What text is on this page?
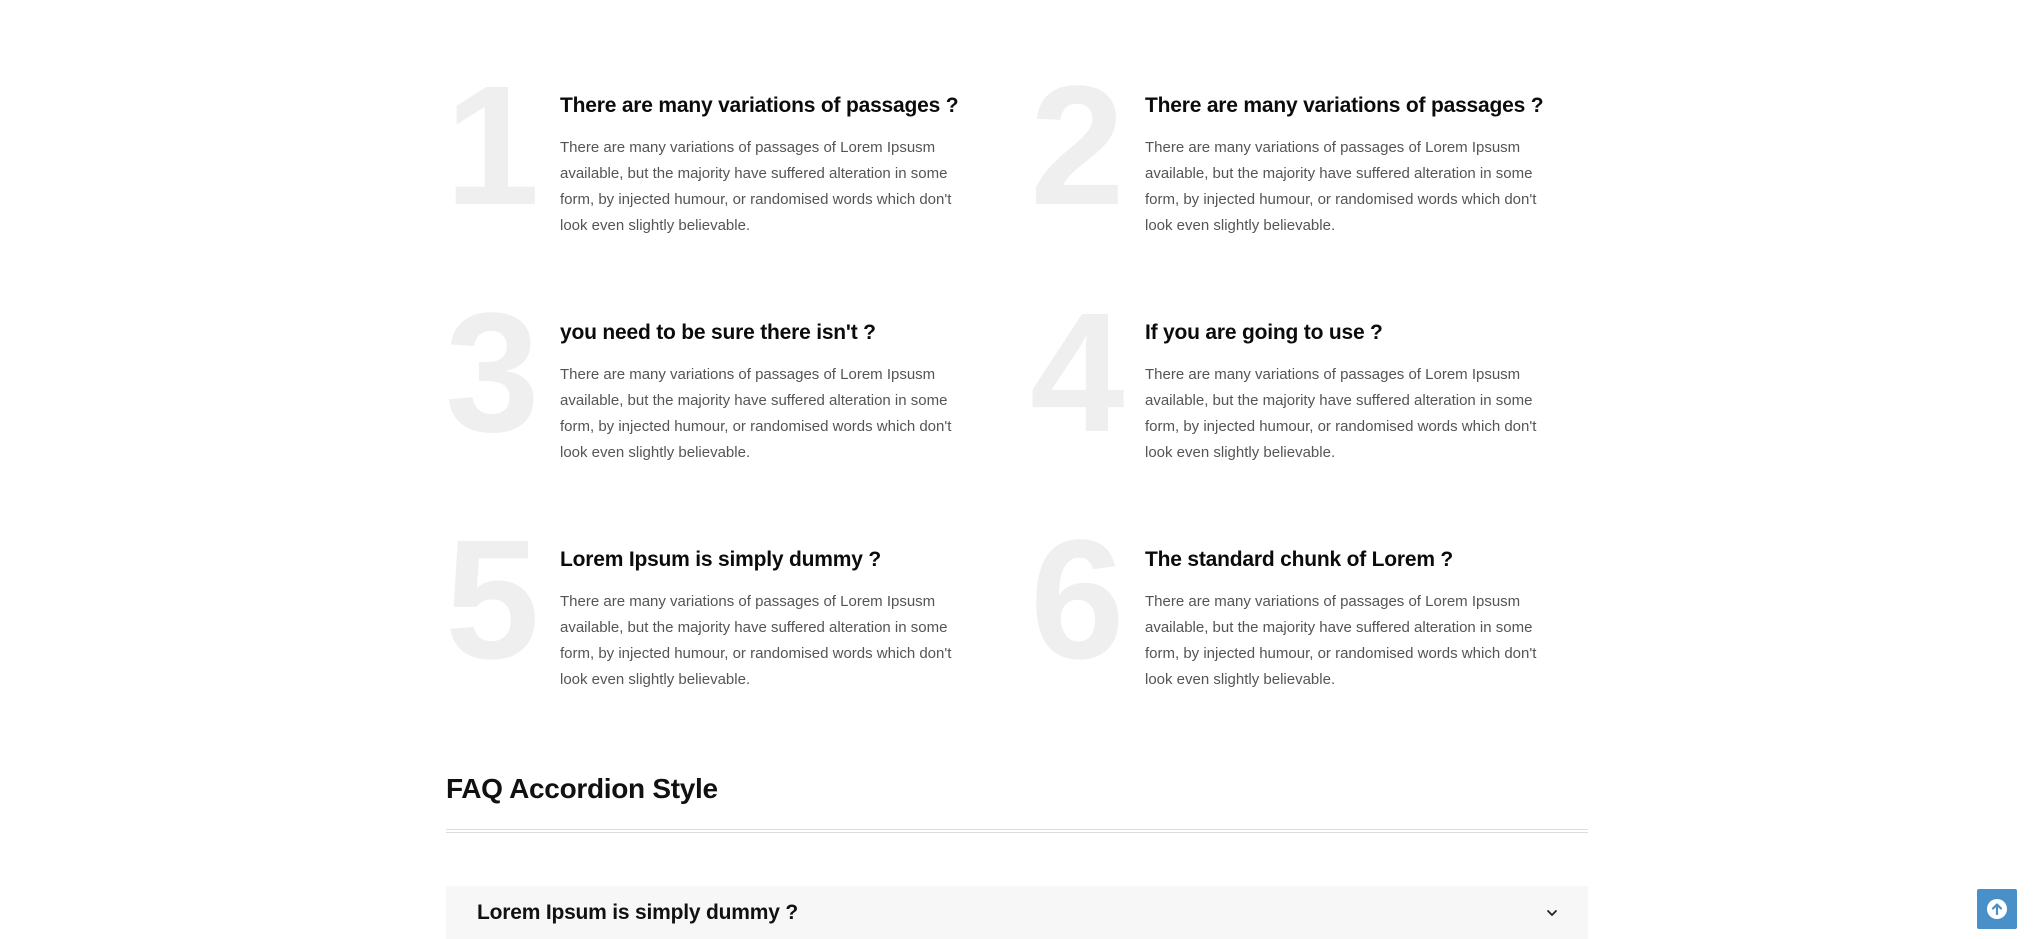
1 There are many variations of passages ?

There are many variations of passages of Lorem Ipsusm available, but the majority have suffered alteration in some form, by injected humour, or randomised words which don't look even slightly believable.	2 There are many variations of passages ?

There are many variations of passages of Lorem Ipsusm available, but the majority have suffered alteration in some form, by injected humour, or randomised words which don't look even slightly believable.

3 you need to be sure there isn't ?

There are many variations of passages of Lorem Ipsusm available, but the majority have suffered alteration in some form, by injected humour, or randomised words which don't look even slightly believable.	4 If you are going to use ?

There are many variations of passages of Lorem Ipsusm available, but the majority have suffered alteration in some form, by injected humour, or randomised words which don't look even slightly believable.

5 Lorem Ipsum is simply dummy ?

There are many variations of passages of Lorem Ipsusm available, but the majority have suffered alteration in some form, by injected humour, or randomised words which don't look even slightly believable.	6 The standard chunk of Lorem ?

There are many variations of passages of Lorem Ipsusm available, but the majority have suffered alteration in some form, by injected humour, or randomised words which don't look even slightly believable.

FAQ Accordion Style
Lorem Ipsum is simply dummy ?
